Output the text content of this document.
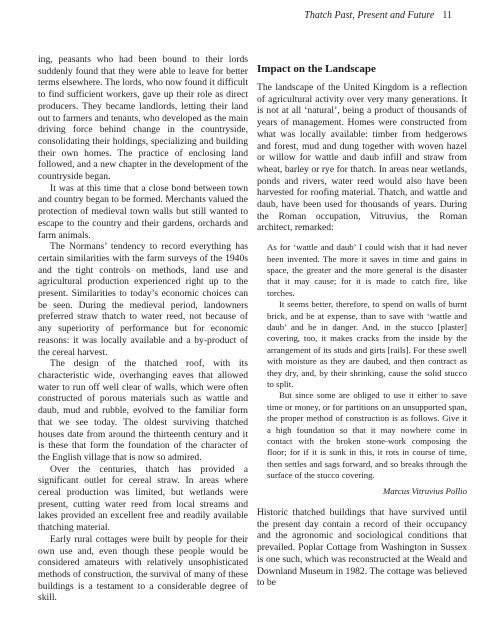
Thatch Past, Present and Future 11

ing, peasants who had been bound to their lords suddenly found that they were able to leave for better terms elsewhere. The lords, who now found it difficult to find sufficient workers, gave up their role as direct producers. They became landlords, letting their land out to farmers and tenants, who developed as the main driving force behind change in the countryside, consolidating their holdings, specializing and building their own homes. The practice of enclosing land followed, and a new chapter in the development of the countryside began.

It was at this time that a close bond between town and country began to be formed. Merchants valued the protection of medieval town walls but still wanted to escape to the country and their gardens, orchards and farm animals.

The Normans’ tendency to record everything has certain similarities with the farm surveys of the 1940s and the tight controls on methods, land use and agricultural production experienced right up to the present. Similarities to today’s economic choices can be seen. During the medieval period, landowners preferred straw thatch to water reed, not because of any superiority of performance but for economic reasons: it was locally available and a by-product of the cereal harvest.

The design of the thatched roof, with its characteristic wide, overhanging eaves that allowed water to run off well clear of walls, which were often constructed of porous materials such as wattle and daub, mud and rubble, evolved to the familiar form that we see today. The oldest surviving thatched houses date from around the thirteenth century and it is these that form the foundation of the character of the English village that is now so admired.

Over the centuries, thatch has provided a significant outlet for cereal straw. In areas where cereal production was limited, but wetlands were present, cutting water reed from local streams and lakes provided an excellent free and readily available thatching material.

Early rural cottages were built by people for their own use and, even though these people would be considered amateurs with relatively unsophisticated methods of construction, the survival of many of these buildings is a testament to a considerable degree of skill.

Impact on the Landscape

The landscape of the United Kingdom is a reflection of agricultural activity over very many generations. It is not at all ‘natural’, being a product of thousands of years of management. Homes were constructed from what was locally available: timber from hedgerows and forest, mud and dung together with woven hazel or willow for wattle and daub infill and straw from wheat, barley or rye for thatch. In areas near wetlands, ponds and rivers, water reed would also have been harvested for roofing material. Thatch, and wattle and daub, have been used for thousands of years. During the Roman occupation, Vitruvius, the Roman architect, remarked:

As for ‘wattle and daub’ I could wish that it had never been invented. The more it saves in time and gains in space, the greater and the more general is the disaster that it may cause; for it is made to catch fire, like torches.

It seems better, therefore, to spend on walls of burnt brick, and be at expense, than to save with ‘wattle and daub’ and be in danger. And, in the stucco [plaster] covering, too, it makes cracks from the inside by the arrangement of its studs and girts [rails]. For these swell with moisture as they are daubed, and then contract as they dry, and, by their shrinking, cause the solid stucco to split.

But since some are obliged to use it either to save time or money, or for partitions on an unsupported span, the proper method of construction is as follows. Give it a high foundation so that it may nowhere come in contact with the broken stone-work composing the floor; for if it is sunk in this, it rots in course of time, then settles and sags forward, and so breaks through the surface of the stucco covering.

Marcus Vitruvius Pollio

Historic thatched buildings that have survived until the present day contain a record of their occupancy and the agronomic and sociological conditions that prevailed. Poplar Cottage from Washington in Sussex is one such, which was reconstructed at the Weald and Downland Museum in 1982. The cottage was believed to be
